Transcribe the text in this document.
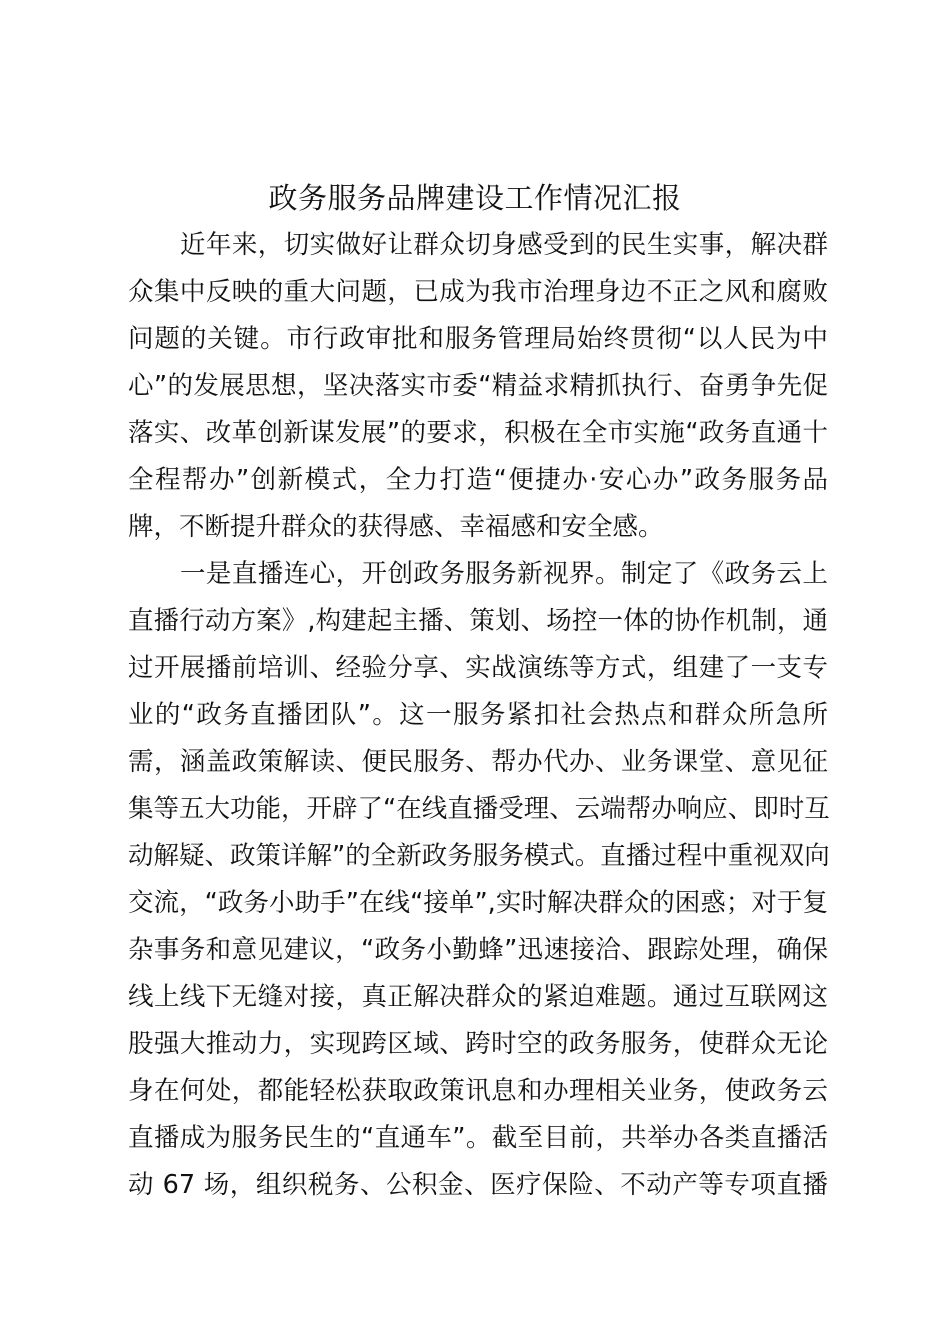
政务服务品牌建设工作情况汇报

近年来，切实做好让群众切身感受到的民生实事，解决群

众集中反映的重大问题，已成为我市治理身边不正之风和腐败

问题的关键。市行政审批和服务管理局始终贯彻“以人民为中

心”的发展思想，坚决落实市委“精益求精抓执行、奋勇争先促

落实、改革创新谋发展”的要求，积极在全市实施“政务直通十

全程帮办”创新模式，全力打造“便捷办·安心办”政务服务品

牌，不断提升群众的获得感、幸福感和安全感。

一是直播连心，开创政务服务新视界。制定了《政务云上

直播行动方案》,构建起主播、策划、场控一体的协作机制，通

过开展播前培训、经验分享、实战演练等方式，组建了一支专

业的“政务直播团队”。这一服务紧扣社会热点和群众所急所

需，涵盖政策解读、便民服务、帮办代办、业务课堂、意见征

集等五大功能，开辟了“在线直播受理、云端帮办响应、即时互

动解疑、政策详解”的全新政务服务模式。直播过程中重视双向

交流，“政务小助手”在线“接单”,实时解决群众的困惑；对于复

杂事务和意见建议，“政务小勤蜂”迅速接洽、跟踪处理，确保

线上线下无缝对接，真正解决群众的紧迫难题。通过互联网这

股强大推动力，实现跨区域、跨时空的政务服务，使群众无论

身在何处，都能轻松获取政策讯息和办理相关业务，使政务云

直播成为服务民生的“直通车”。截至目前，共举办各类直播活

动 67 场，组织税务、公积金、医疗保险、不动产等专项直播
